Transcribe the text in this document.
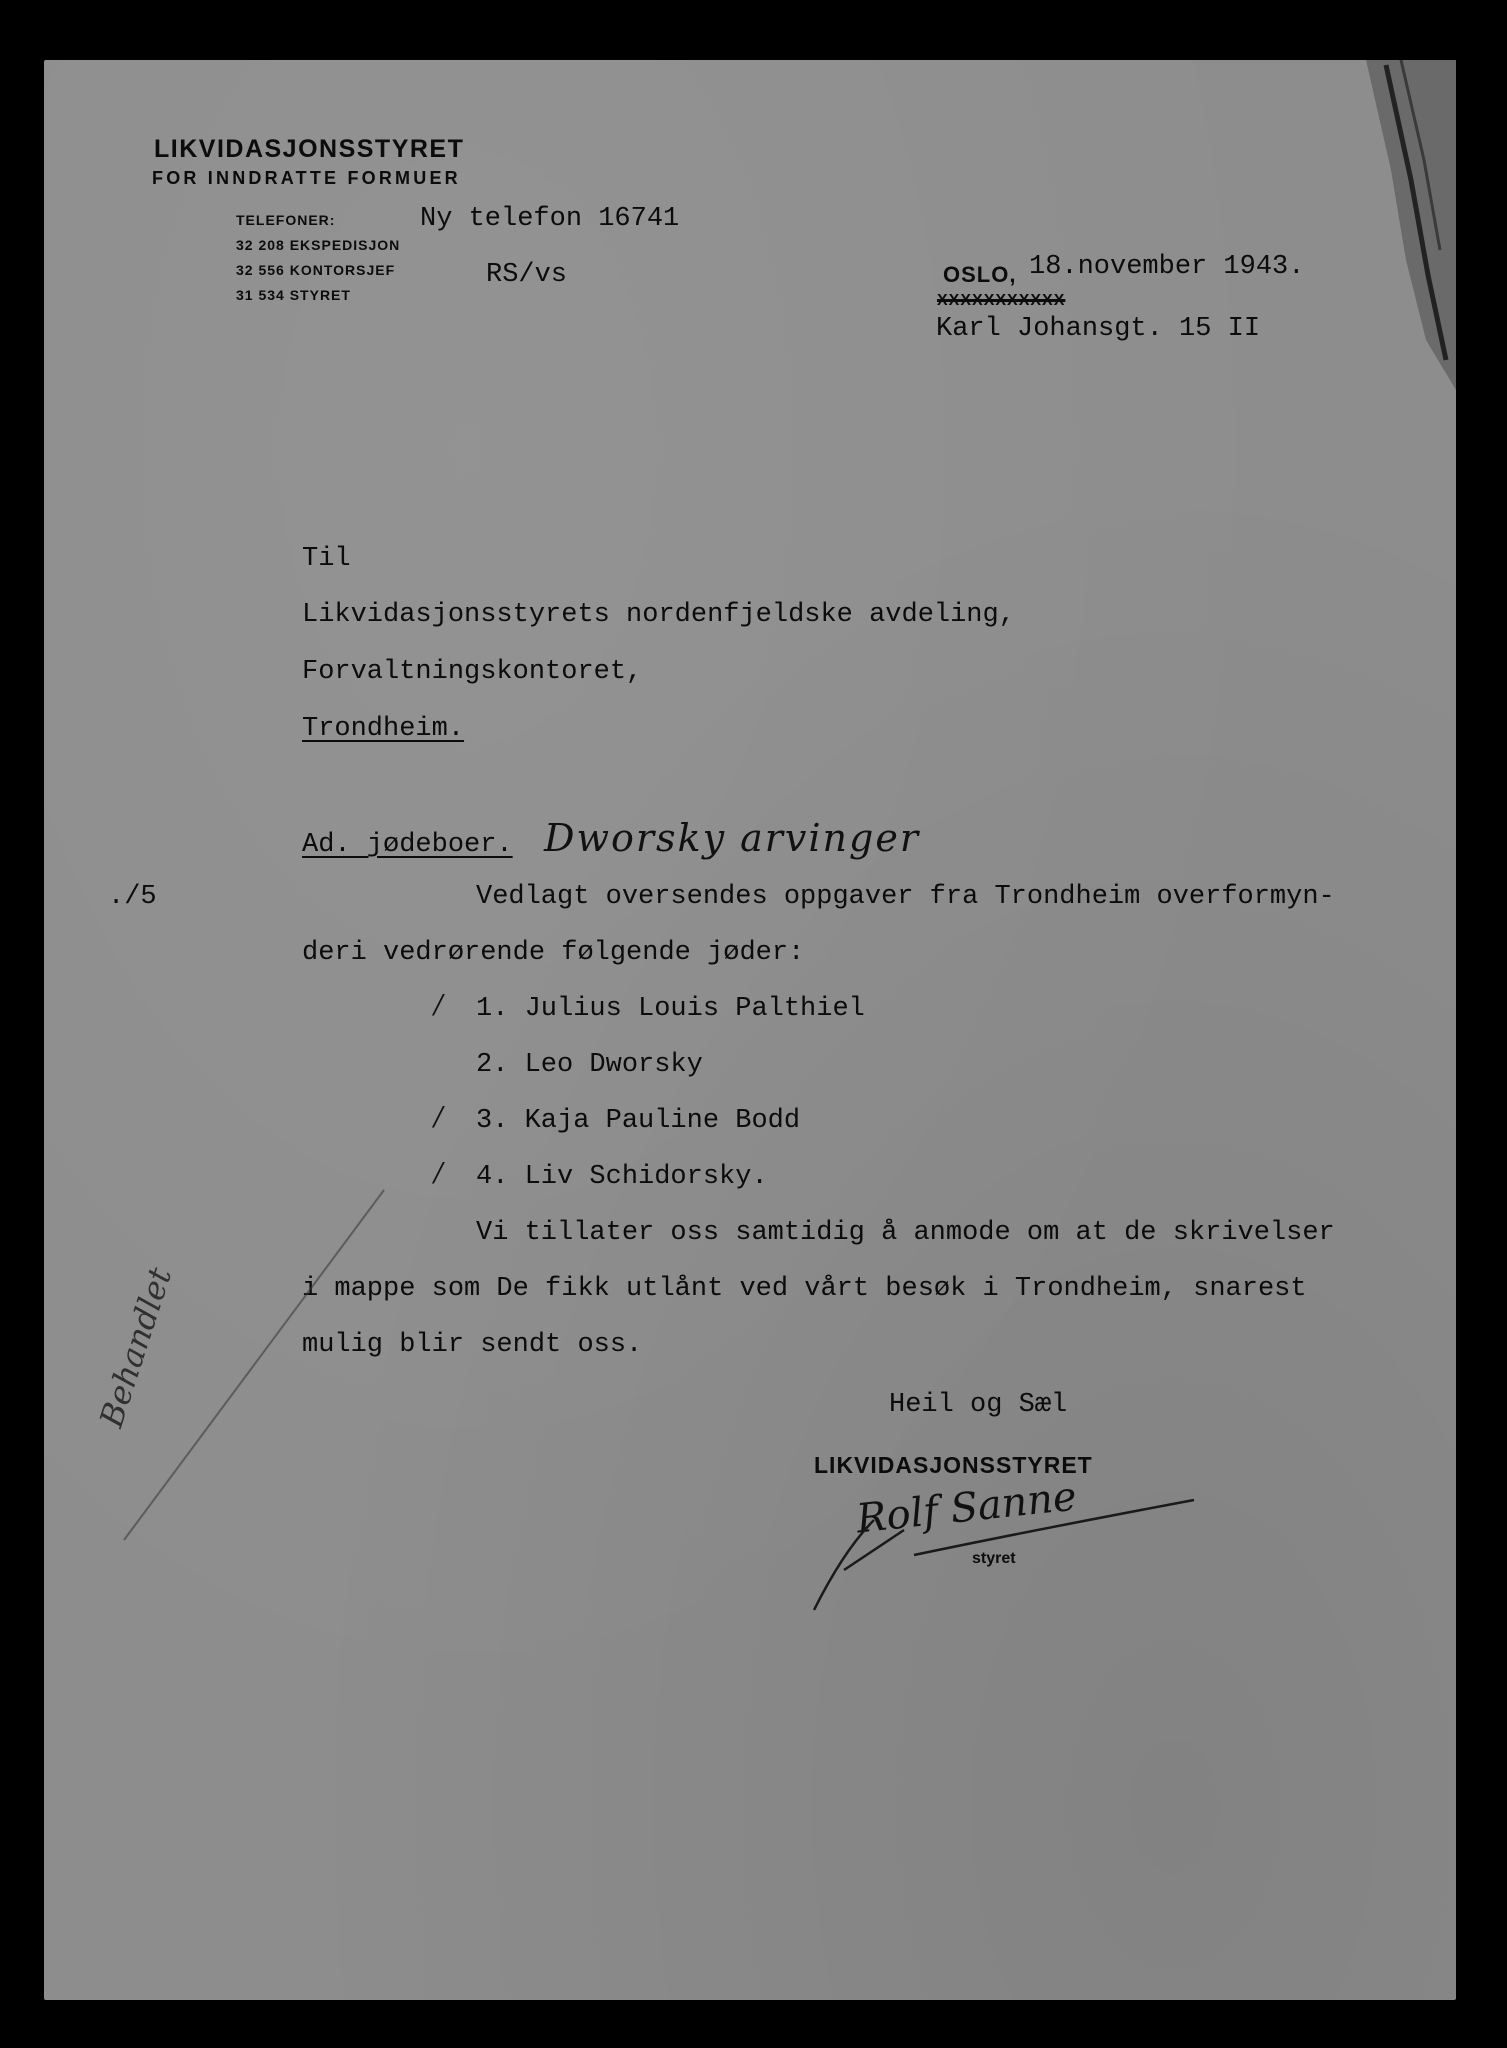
LIKVIDASJONSSTYRET
FOR INNDRATTE FORMUER
TELEFONER:
32 208 EKSPEDISJON
32 556 KONTORSJEF
31 534 STYRET
Ny telefon 16741
RS/vs	OSLO, 18.november 1943.
XXXXXXXXXXX
Karl Johansgt. 15 II
Til
Likvidasjonsstyrets nordenfjeldske avdeling,
Forvaltningskontoret,
Trondheim.
Ad. jødeboer. Dworsky arvinger
./5	Vedlagt oversendes oppgaver fra Trondheim overformyn-
deri vedrørende følgende jøder:
/ 1. Julius Louis Palthiel
2. Leo Dworsky
/ 3. Kaja Pauline Bodd
/ 4. Liv Schidorsky.
Vi tillater oss samtidig å anmode om at de skrivelser
i mappe som De fikk utlånt ved vårt besøk i Trondheim, snarest
mulig blir sendt oss.
Heil og Sæl
LIKVIDASJONSSTYRET
Rolf Sanne
styret
Behandlet
